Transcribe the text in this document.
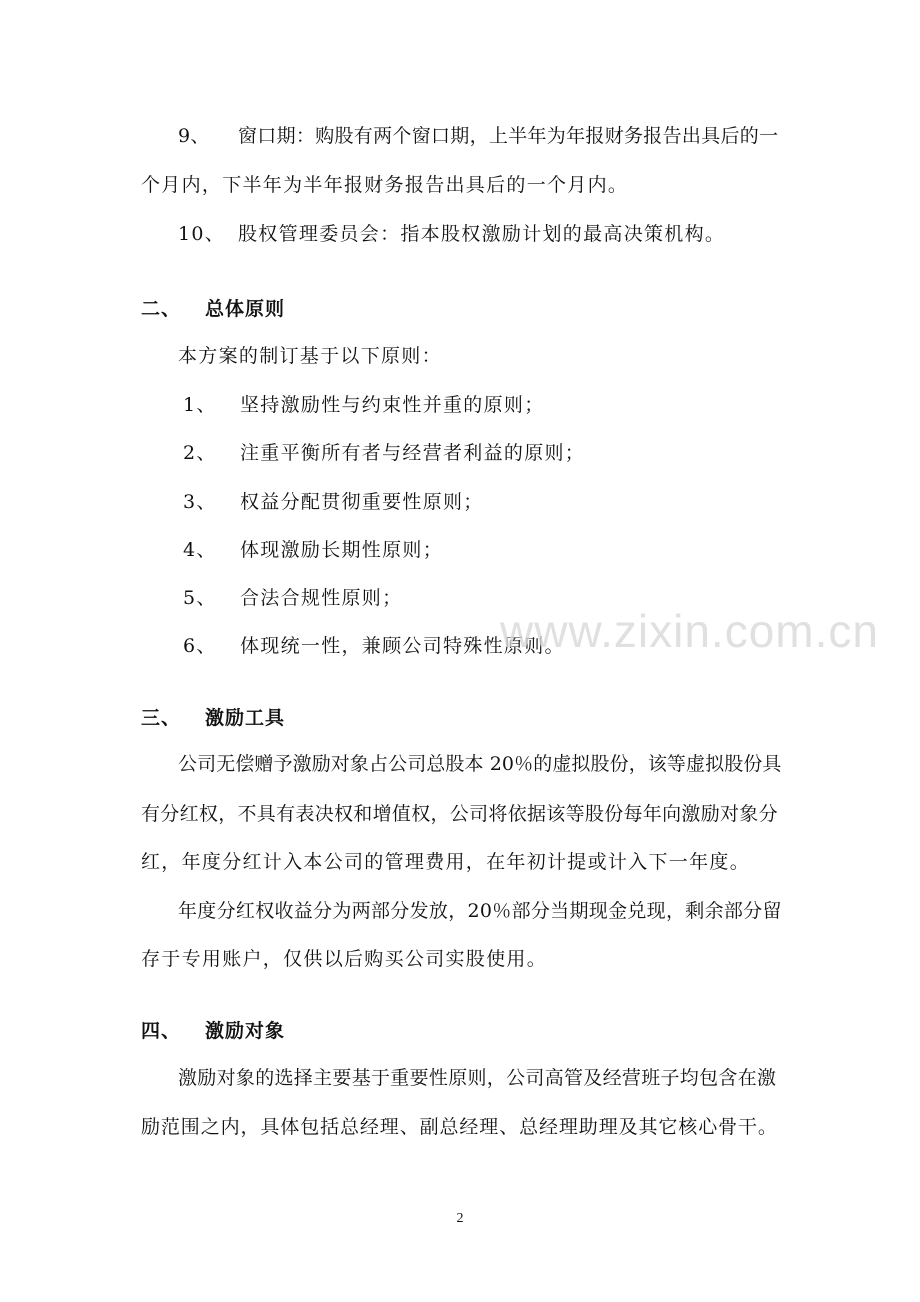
9、 窗口期：购股有两个窗口期，上半年为年报财务报告出具后的一
个月内，下半年为半年报财务报告出具后的一个月内。
10、 股权管理委员会：指本股权激励计划的最高决策机构。
二、 总体原则
本方案的制订基于以下原则：
1、 坚持激励性与约束性并重的原则；
2、 注重平衡所有者与经营者利益的原则；
3、 权益分配贯彻重要性原则；
4、 体现激励长期性原则；
5、 合法合规性原则；
6、 体现统一性，兼顾公司特殊性原则。
www.zixin.com.cn
三、 激励工具
公司无偿赠予激励对象占公司总股本 20％的虚拟股份，该等虚拟股份具
有分红权，不具有表决权和增值权，公司将依据该等股份每年向激励对象分
红，年度分红计入本公司的管理费用，在年初计提或计入下一年度。
年度分红权收益分为两部分发放，20％部分当期现金兑现，剩余部分留
存于专用账户，仅供以后购买公司实股使用。
四、 激励对象
激励对象的选择主要基于重要性原则，公司高管及经营班子均包含在激
励范围之内，具体包括总经理、副总经理、总经理助理及其它核心骨干。
2
